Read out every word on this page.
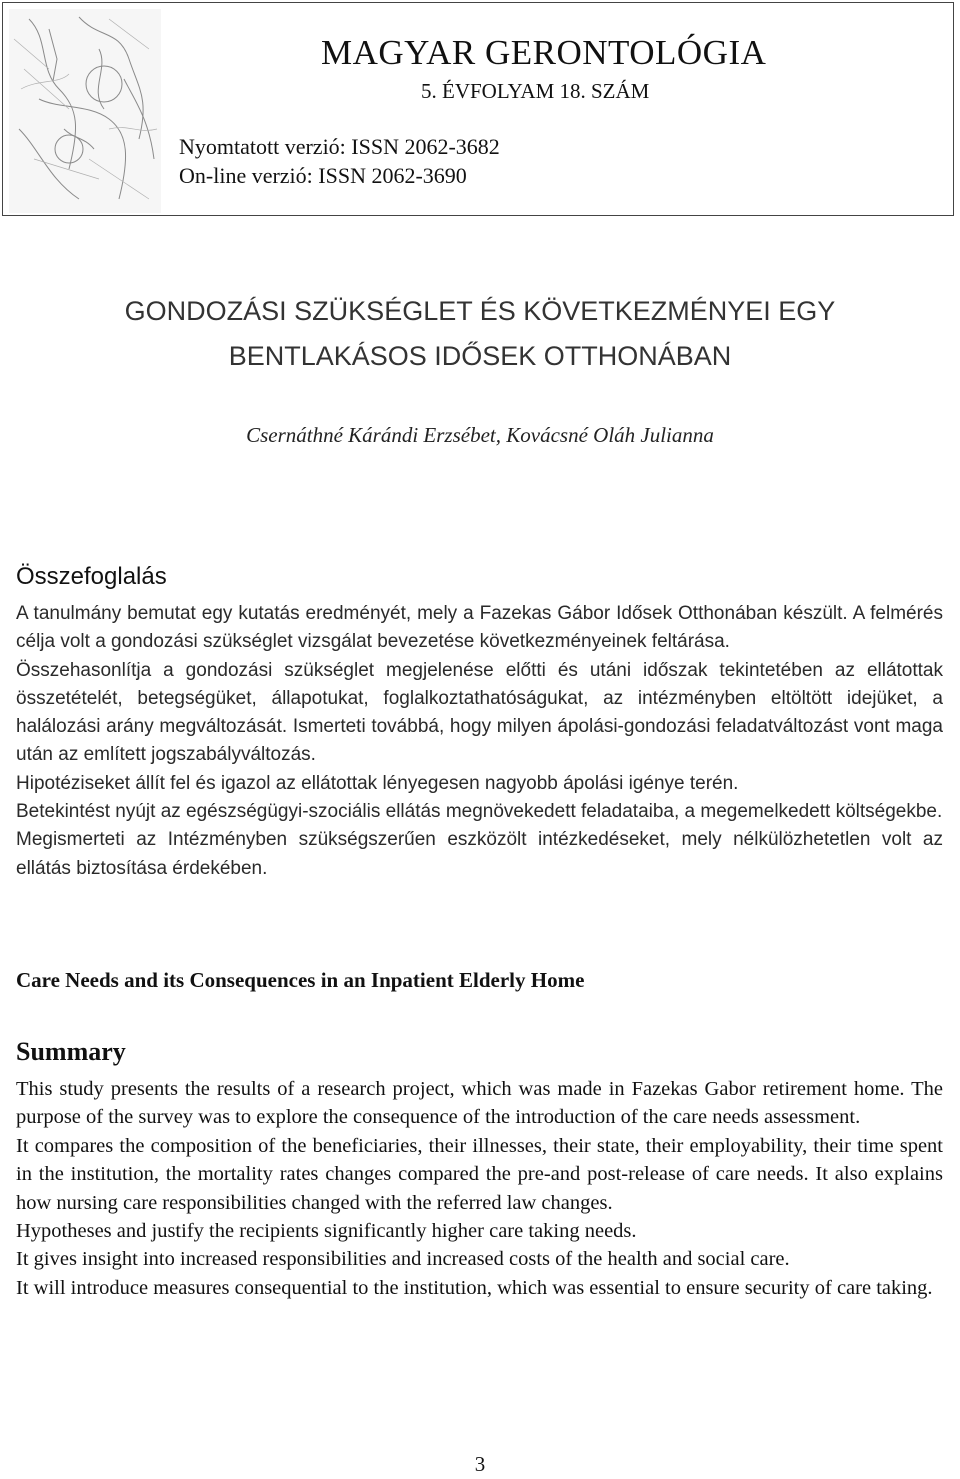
MAGYAR GERONTOLÓGIA
5. ÉVFOLYAM 18. SZÁM
Nyomtatott verzió: ISSN 2062-3682
On-line verzió: ISSN 2062-3690
GONDOZÁSI SZÜKSÉGLET ÉS KÖVETKEZMÉNYEI EGY
BENTLAKÁSOS IDŐSEK OTTHONÁBAN
Csernáthné Kárándi Erzsébet, Kovácsné Oláh Julianna
Összefoglalás

A tanulmány bemutat egy kutatás eredményét, mely a Fazekas Gábor Idősek Otthonában készült. A felmérés célja volt a gondozási szükséglet vizsgálat bevezetése következményeinek feltárása.

Összehasonlítja a gondozási szükséglet megjelenése előtti és utáni időszak tekintetében az ellátottak összetételét, betegségüket, állapotukat, foglalkoztathatóságukat, az intézményben eltöltött idejüket, a halálozási arány megváltozását. Ismerteti továbbá, hogy milyen ápolási-gondozási feladatváltozást vont maga után az említett jogszabályváltozás.

Hipotéziseket állít fel és igazol az ellátottak lényegesen nagyobb ápolási igénye terén.

Betekintést nyújt az egészségügyi-szociális ellátás megnövekedett feladataiba, a megemelkedett költségekbe.

Megismerteti az Intézményben szükségszerűen eszközölt intézkedéseket, mely nélkülözhetetlen volt az ellátás biztosítása érdekében.

Care Needs and its Consequences in an Inpatient Elderly Home
Summary

This study presents the results of a research project, which was made in Fazekas Gabor retirement home. The purpose of the survey was to explore the consequence of the introduction of the care needs assessment.

It compares the composition of the beneficiaries, their illnesses, their state, their employability, their time spent in the institution, the mortality rates changes compared the pre-and post-release of care needs. It also explains how nursing care responsibilities changed with the referred law changes.

Hypotheses and justify the recipients significantly higher care taking needs.

It gives insight into increased responsibilities and increased costs of the health and social care.

It will introduce measures consequential to the institution, which was essential to ensure security of care taking.

3
